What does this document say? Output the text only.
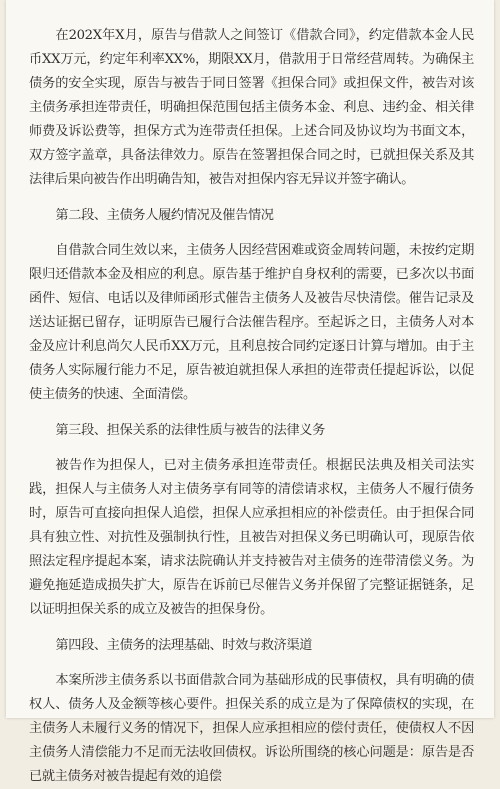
在202X年X月，原告与借款人之间签订《借款合同》，约定借款本金人民币XX万元，约定年利率XX%，期限XX月，借款用于日常经营周转。为确保主债务的安全实现，原告与被告于同日签署《担保合同》或担保文件，被告对该主债务承担连带责任，明确担保范围包括主债务本金、利息、违约金、相关律师费及诉讼费等，担保方式为连带责任担保。上述合同及协议均为书面文本，双方签字盖章，具备法律效力。原告在签署担保合同之时，已就担保关系及其法律后果向被告作出明确告知，被告对担保内容无异议并签字确认。

第二段、主债务人履约情况及催告情况

自借款合同生效以来，主债务人因经营困难或资金周转问题，未按约定期限归还借款本金及相应的利息。原告基于维护自身权利的需要，已多次以书面函件、短信、电话以及律师函形式催告主债务人及被告尽快清偿。催告记录及送达证据已留存，证明原告已履行合法催告程序。至起诉之日，主债务人对本金及应计利息尚欠人民币XX万元，且利息按合同约定逐日计算与增加。由于主债务人实际履行能力不足，原告被迫就担保人承担的连带责任提起诉讼，以促使主债务的快速、全面清偿。

第三段、担保关系的法律性质与被告的法律义务

被告作为担保人，已对主债务承担连带责任。根据民法典及相关司法实践，担保人与主债务人对主债务享有同等的清偿请求权，主债务人不履行债务时，原告可直接向担保人追偿，担保人应承担相应的补偿责任。由于担保合同具有独立性、对抗性及强制执行性，且被告对担保义务已明确认可，现原告依照法定程序提起本案，请求法院确认并支持被告对主债务的连带清偿义务。为避免拖延造成损失扩大，原告在诉前已尽催告义务并保留了完整证据链条，足以证明担保关系的成立及被告的担保身份。

第四段、主债务的法理基础、时效与救济渠道

本案所涉主债务系以书面借款合同为基础形成的民事债权，具有明确的债权人、债务人及金额等核心要件。担保关系的成立是为了保障债权的实现，在主债务人未履行义务的情况下，担保人应承担相应的偿付责任，使债权人不因主债务人清偿能力不足而无法收回债权。诉讼所围绕的核心问题是：原告是否已就主债务对被告提起有效的追偿
